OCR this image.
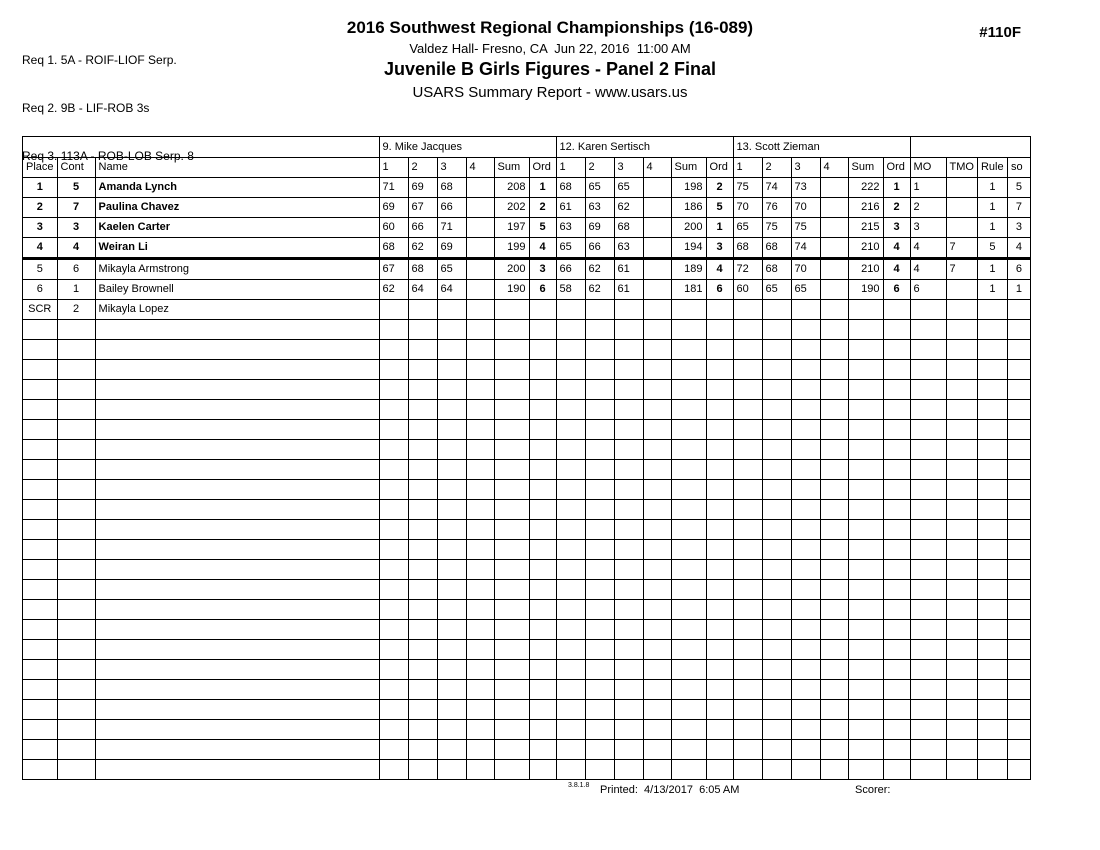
Req 1. 5A - ROIF-LIOF Serp.

Req 2. 9B - LIF-ROB 3s

Req 3. 113A - ROB-LOB Serp. 8

2016 Southwest Regional Championships (16-089)
Valdez Hall- Fresno, CA  Jun 22, 2016  11:00 AM
Juvenile B Girls Figures - Panel 2 Final
USARS Summary Report - www.usars.us
#110F
			9. Mike Jacques						12. Karen Sertisch						13. Scott Zieman									
Place	Cont	Name	1	2	3	4	Sum	Ord	1	2	3	4	Sum	Ord	1	2	3	4	Sum	Ord	MO	TMO	Rule	so
1	5	Amanda Lynch	71	69	68		208	1	68	65	65		198	2	75	74	73		222	1	1		1	5
2	7	Paulina Chavez	69	67	66		202	2	61	63	62		186	5	70	76	70		216	2	2		1	7
3	3	Kaelen Carter	60	66	71		197	5	63	69	68		200	1	65	75	75		215	3	3		1	3
4	4	Weiran Li	68	62	69		199	4	65	66	63		194	3	68	68	74		210	4	4	7	5	4
5	6	Mikayla Armstrong	67	68	65		200	3	66	62	61		189	4	72	68	70		210	4	4	7	1	6
6	1	Bailey Brownell	62	64	64		190	6	58	62	61		181	6	60	65	65		190	6	6		1	1
SCR	2	Mikayla Lopez																						

3.8.1.8 Printed:  4/13/2017  6:05 AM	Scorer:
